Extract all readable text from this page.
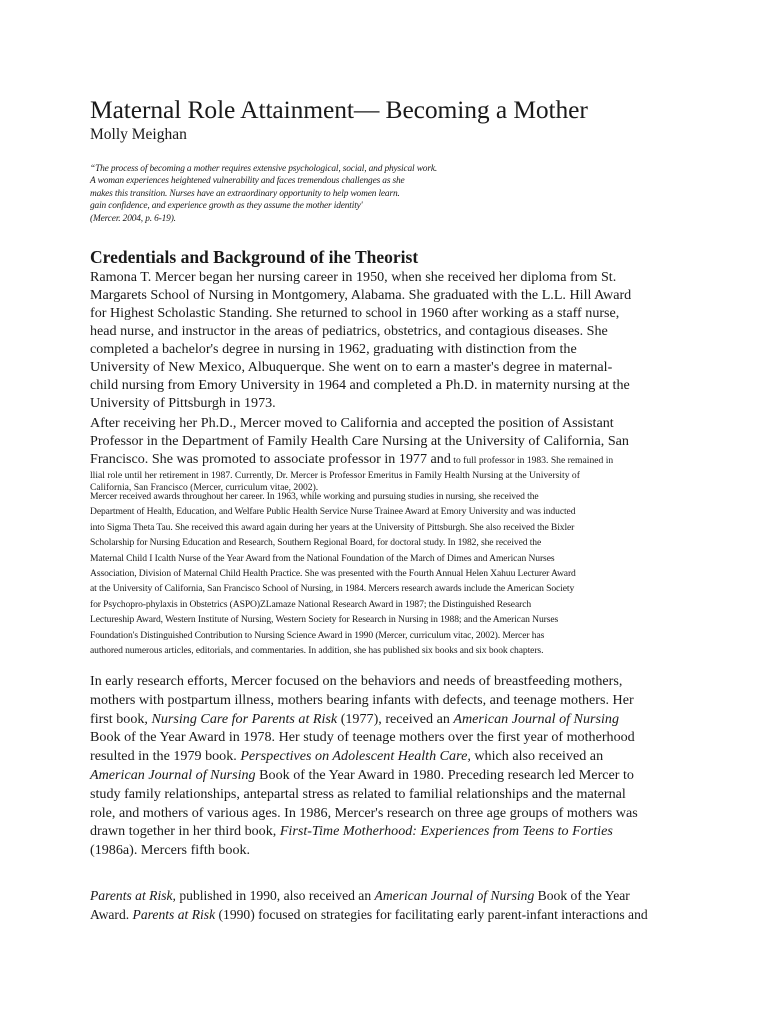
Maternal Role Attainment— Becoming a Mother
Molly Meighan
“The process of becoming a mother requires extensive psychological, social, and physical work.
A woman experiences heightened vulnerability and faces tremendous challenges as she
makes this transition. Nurses have an extraordinary opportunity to help women learn.
gain confidence, and experience growth as they assume the mother identity'
(Mercer. 2004, p. 6-19).
Credentials and Background of ihe Theorist
Ramona T. Mercer began her nursing career in 1950, when she received her diploma from St.
Margarets School of Nursing in Montgomery, Alabama. She graduated with the L.L. Hill Award
for Highest Scholastic Standing. She returned to school in 1960 after working as a staff nurse,
head nurse, and instructor in the areas of pediatrics, obstetrics, and contagious diseases. She
completed a bachelor's degree in nursing in 1962, graduating with distinction from the
University of New Mexico, Albuquerque. She went on to earn a master's degree in maternal-
child nursing from Emory University in 1964 and completed a Ph.D. in maternity nursing at the
University of Pittsburgh in 1973.
After receiving her Ph.D., Mercer moved to California and accepted the position of Assistant
Professor in the Department of Family Health Care Nursing at the University of California, San
Francisco. She was promoted to associate professor in 1977 and to full professor in 1983. She remained in
llial role until her retirement in 1987. Currently, Dr. Mercer is Professor Emeritus in Family Health Nursing at the University of
California, San Francisco (Mercer, curriculum vitae, 2002).
Mercer received awards throughout her career. In 1963, while working and pursuing studies in nursing, she received the
Department of Health, Education, and Welfare Public Health Service Nurse Trainee Award at Emory University and was inducted
into Sigma Theta Tau. She received this award again during her years at the University of Pittsburgh. She also received the Bixler
Scholarship for Nursing Education and Research, Southern Regional Board, for doctoral study. In 1982, she received the
Maternal Child I Icalth Nurse of the Year Award from the National Foundation of the March of Dimes and American Nurses
Association, Division of Maternal Child Health Practice. She was presented with the Fourth Annual Helen Xahuu Lecturer Award
at the University of California, San Francisco School of Nursing, in 1984. Mercers research awards include the American Society
for Psychopro-phylaxis in Obstetrics (ASPO)ZLamaze National Research Award in 1987; the Distinguished Research
Lectureship Award, Western Institute of Nursing, Western Society for Research in Nursing in 1988; and the American Nurses
Foundation's Distinguished Contribution to Nursing Science Award in 1990 (Mercer, curriculum vitac, 2002). Mercer has
authored numerous articles, editorials, and commentaries. In addition, she has published six books and six book chapters.
In early research efforts, Mercer focused on the behaviors and needs of breastfeeding mothers,
mothers with postpartum illness, mothers bearing infants with defects, and teenage mothers. Her
first book, Nursing Care for Parents at Risk (1977), received an American Journal of Nursing
Book of the Year Award in 1978. Her study of teenage mothers over the first year of motherhood
resulted in the 1979 book. Perspectives on Adolescent Health Care, which also received an
American Journal of Nursing Book of the Year Award in 1980. Preceding research led Mercer to
study family relationships, antepartal stress as related to familial relationships and the maternal
role, and mothers of various ages. In 1986, Mercer's research on three age groups of mothers was
drawn together in her third book, First-Time Motherhood: Experiences from Teens to Forties
(1986a). Mercers fifth book.
Parents at Risk, published in 1990, also received an American Journal of Nursing Book of the Year
Award. Parents at Risk (1990) focused on strategies for facilitating early parent-infant interactions and
